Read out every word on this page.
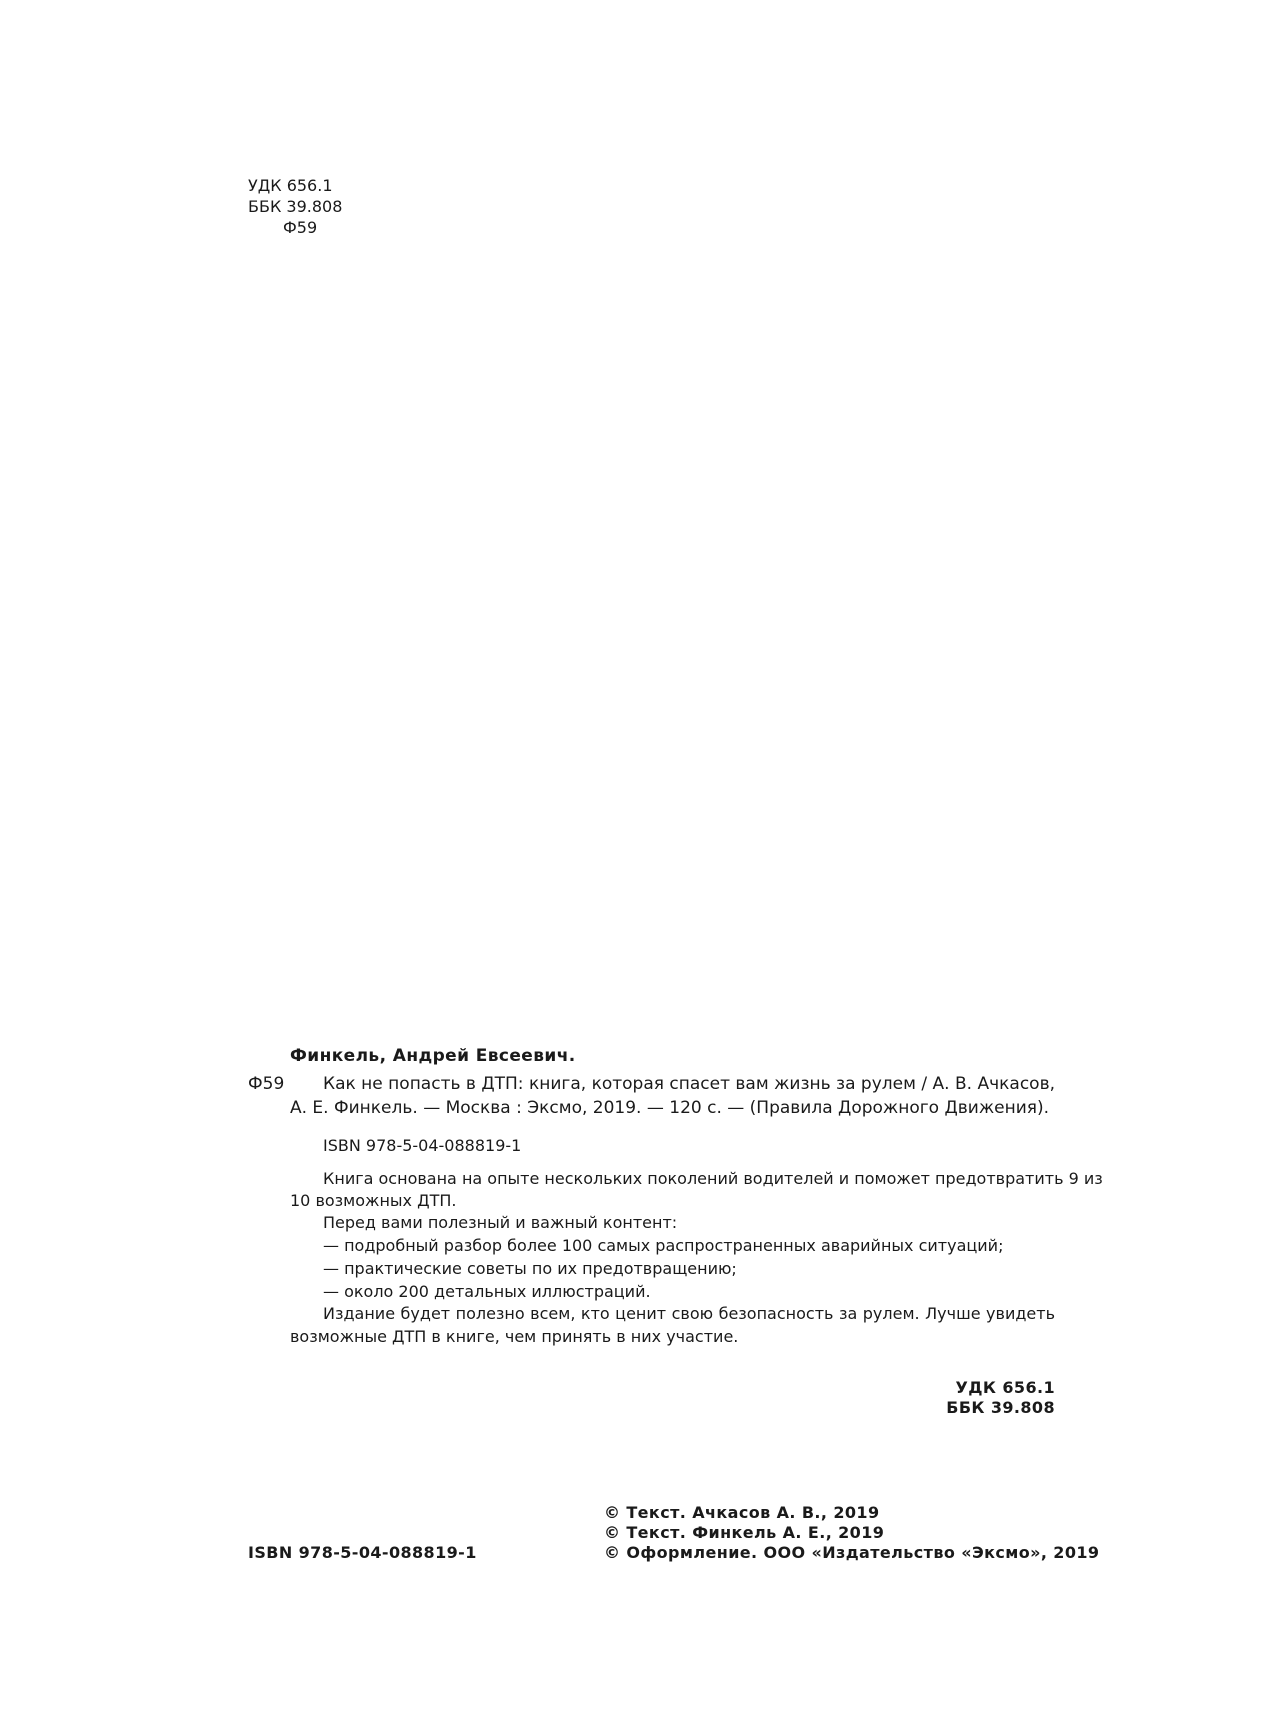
УДК 656.1
ББК 39.808
Ф59
Финкель, Андрей Евсеевич.
Ф59 Как не попасть в ДТП: книга, которая спасет вам жизнь за рулем / А. В. Ачкасов,
А. Е. Финкель. — Москва : Эксмо, 2019. — 120 с. — (Правила Дорожного Движения).
ISBN 978-5-04-088819-1
Книга основана на опыте нескольких поколений водителей и поможет предотвратить 9 из
10 возможных ДТП.
Перед вами полезный и важный контент:
— подробный разбор более 100 самых распространенных аварийных ситуаций;
— практические советы по их предотвращению;
— около 200 детальных иллюстраций.
Издание будет полезно всем, кто ценит свою безопасность за рулем. Лучше увидеть
возможные ДТП в книге, чем принять в них участие.
УДК 656.1
ББК 39.808
ISBN 978-5-04-088819-1
© Текст. Ачкасов А. В., 2019
© Текст. Финкель А. Е., 2019
© Оформление. ООО «Издательство «Эксмо», 2019
